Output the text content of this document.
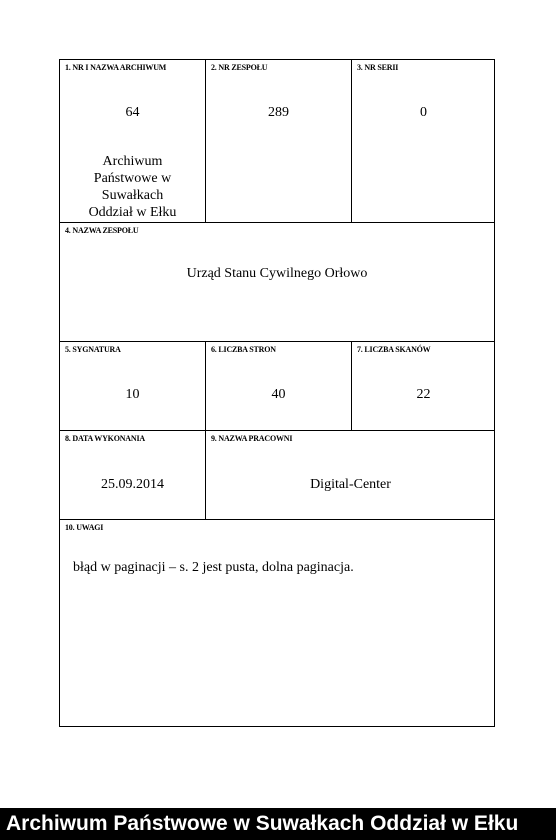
1. NR I NAZWA ARCHIWUM
64
Archiwum Państwowe w Suwałkach Oddział w Ełku
2. NR ZESPOŁU
289
3. NR SERII
0
4. NAZWA ZESPOŁU
Urząd Stanu Cywilnego Orłowo
5. SYGNATURA
10
6. LICZBA STRON
40
7. LICZBA SKANÓW
22
8. DATA WYKONANIA
25.09.2014
9. NAZWA PRACOWNI
Digital-Center
10. UWAGI
błąd w paginacji – s. 2 jest pusta, dolna paginacja.
Archiwum Państwowe w Suwałkach Oddział w Ełku
